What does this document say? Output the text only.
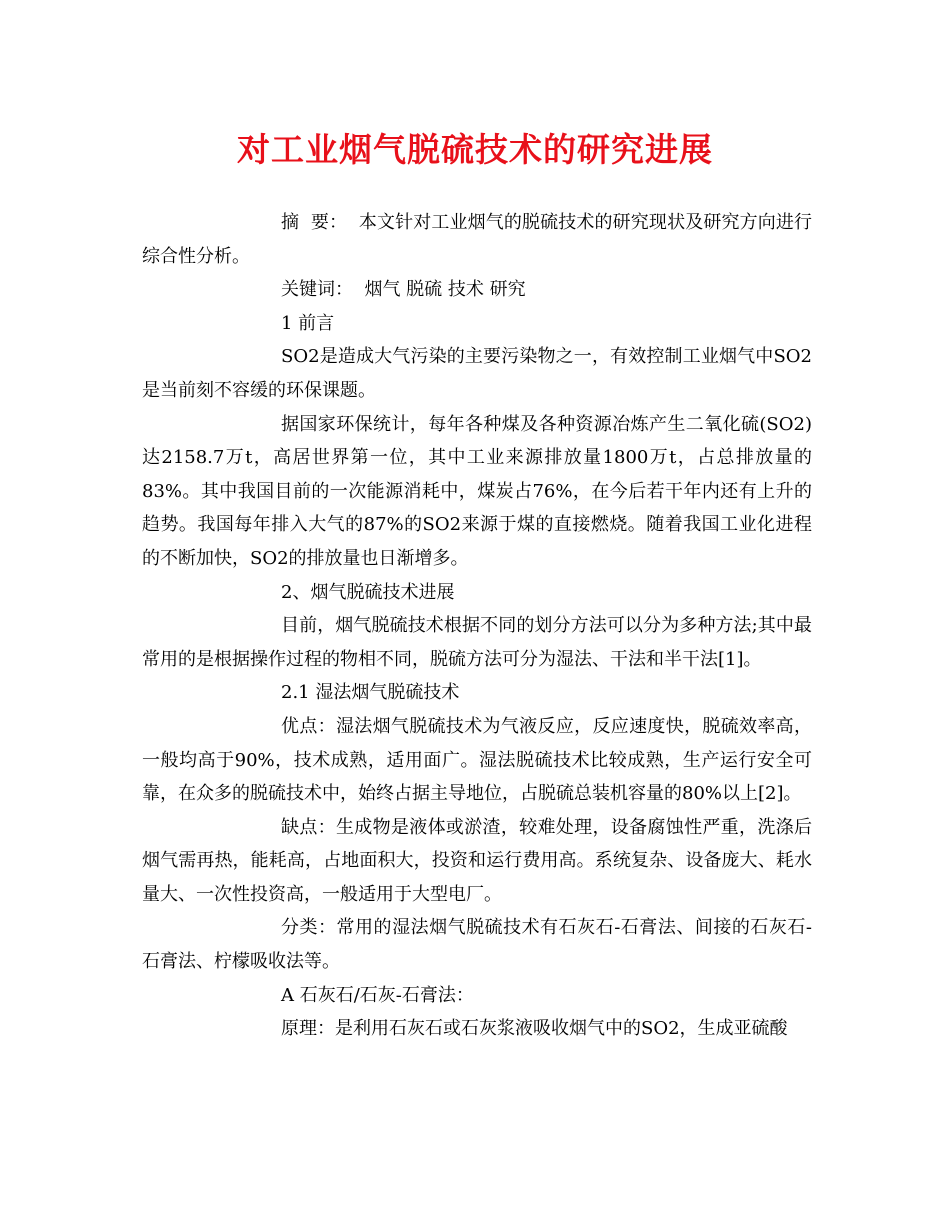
对工业烟气脱硫技术的研究进展

摘  要：  本文针对工业烟气的脱硫技术的研究现状及研究方向进行综合性分析。

关键词：  烟气 脱硫 技术 研究

1 前言

SO2是造成大气污染的主要污染物之一，有效控制工业烟气中SO2是当前刻不容缓的环保课题。

据国家环保统计，每年各种煤及各种资源冶炼产生二氧化硫(SO2)达2158.7万t，高居世界第一位，其中工业来源排放量1800万t，占总排放量的83%。其中我国目前的一次能源消耗中，煤炭占76%，在今后若干年内还有上升的趋势。我国每年排入大气的87%的SO2来源于煤的直接燃烧。随着我国工业化进程的不断加快，SO2的排放量也日渐增多。

2、烟气脱硫技术进展

目前，烟气脱硫技术根据不同的划分方法可以分为多种方法;其中最常用的是根据操作过程的物相不同，脱硫方法可分为湿法、干法和半干法[1]。

2.1 湿法烟气脱硫技术

优点：湿法烟气脱硫技术为气液反应，反应速度快，脱硫效率高，一般均高于90%，技术成熟，适用面广。湿法脱硫技术比较成熟，生产运行安全可靠，在众多的脱硫技术中，始终占据主导地位，占脱硫总装机容量的80%以上[2]。

缺点：生成物是液体或淤渣，较难处理，设备腐蚀性严重，洗涤后烟气需再热，能耗高，占地面积大，投资和运行费用高。系统复杂、设备庞大、耗水量大、一次性投资高，一般适用于大型电厂。

分类：常用的湿法烟气脱硫技术有石灰石-石膏法、间接的石灰石-石膏法、柠檬吸收法等。

A 石灰石/石灰-石膏法：

原理：是利用石灰石或石灰浆液吸收烟气中的SO2，生成亚硫酸
